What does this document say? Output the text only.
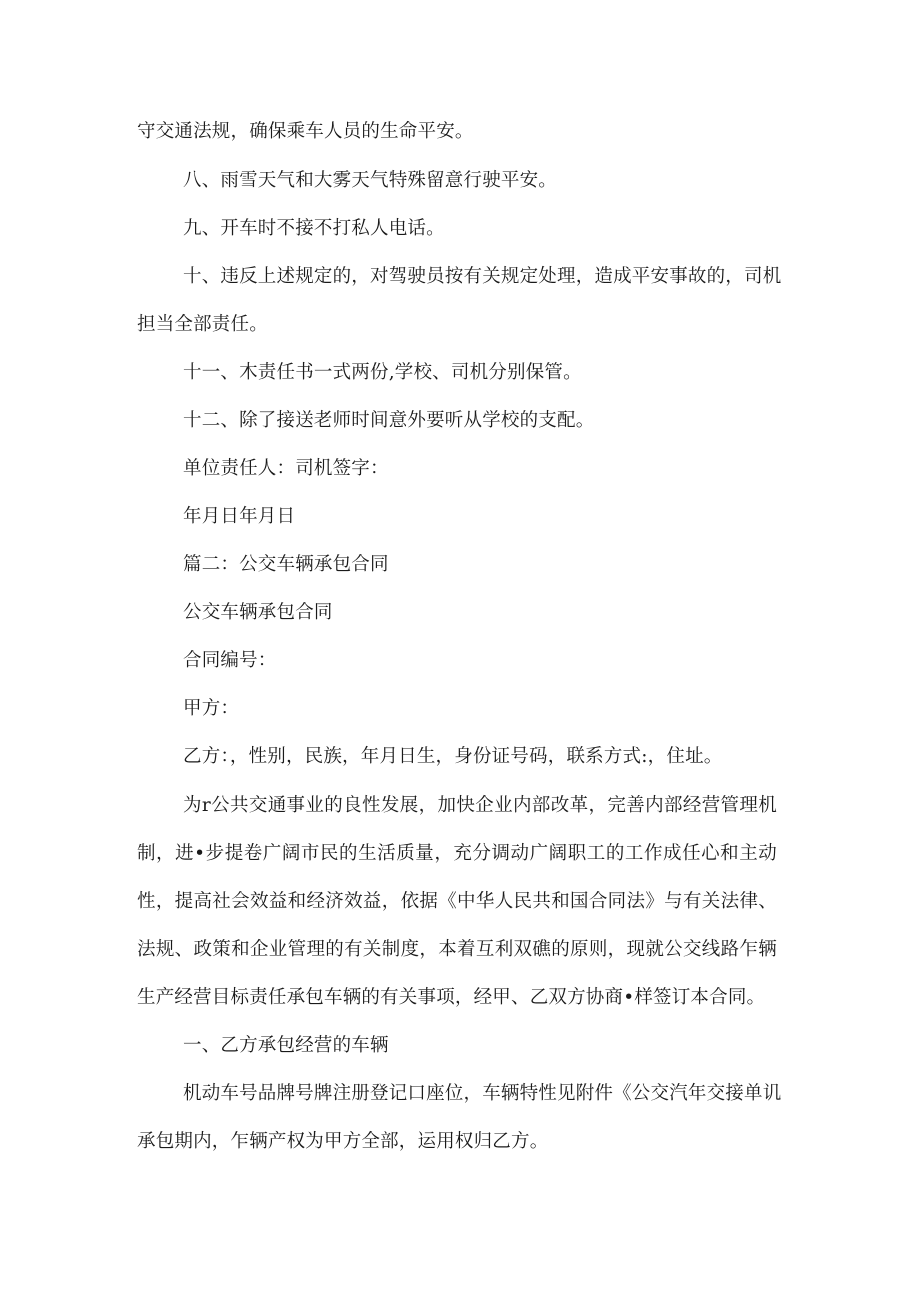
守交通法规，确保乘车人员的生命平安。
八、雨雪天气和大雾天气特殊留意行驶平安。
九、开车时不接不打私人电话。
十、违反上述规定的，对驾驶员按有关规定处理，造成平安事故的，司机
担当全部责任。
十一、木责任书一式两份,学校、司机分别保管。
十二、除了接送老师时间意外要听从学校的支配。
单位责任人：司机签字：
年月日年月日
篇二：公交车辆承包合同
公交车辆承包合同
合同编号：
甲方：
乙方：，性别，民族，年月日生，身份证号码，联系方式:，住址。
为r公共交通事业的良性发展，加快企业内部改革，完善内部经营管理机
制，进•步提卷广阔市民的生活质量，充分调动广阔职工的工作成任心和主动
性，提高社会效益和经济效益，依据《中华人民共和国合同法》与有关法律、
法规、政策和企业管理的有关制度，本着互利双礁的原则，现就公交线路乍辆
生产经营目标责任承包车辆的有关事项，经甲、乙双方协商•样签订本合同。
一、乙方承包经营的车辆
机动车号品牌号牌注册登记口座位，车辆特性见附件《公交汽年交接单讥
承包期内，乍辆产权为甲方全部，运用权归乙方。
